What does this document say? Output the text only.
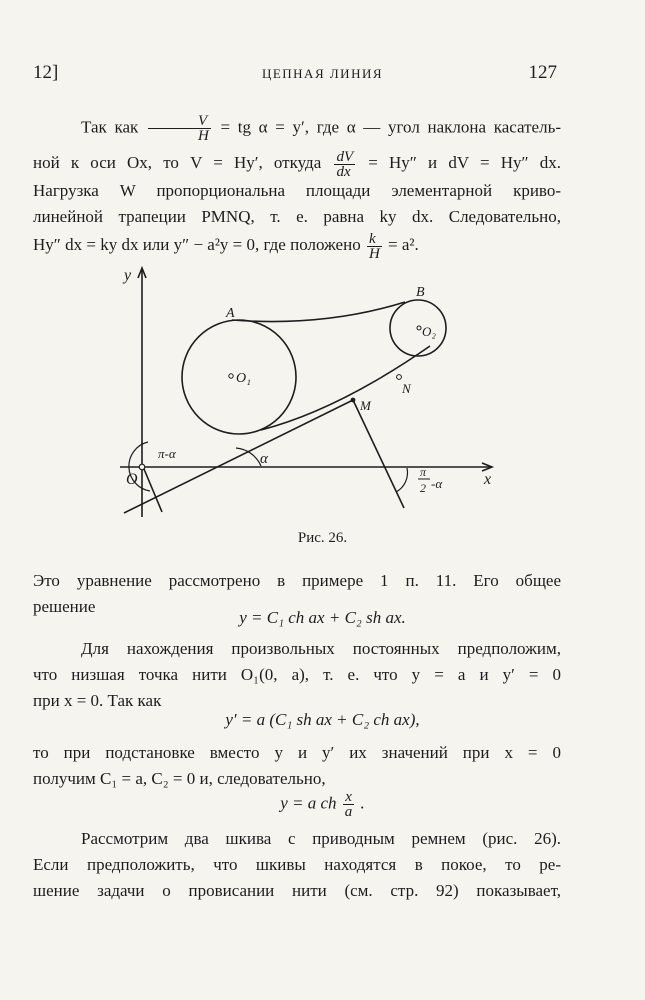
12]	ЦЕПНАЯ ЛИНИЯ	127
Так как $\frac{V}{H}$ = tg α = y′, где α — угол наклона касатель-
ной к оси Ox, то V = Hy′, откуда $\frac{dV}{dx} = Hy''$ и dV = Hy″ dx.
Нагрузка W пропорциональна площади элементарной криво-
линейной трапеции PMNQ, т. е. равна ky dx. Следовательно,
Hy″ dx = ky dx или y″ − a²y = 0, где положено $\frac{k}{H} = a^2$.
y
x
O
A
B
O₁
O₂
M
N
α
π-α
π
2 -α
Рис. 26.
Это уравнение рассмотрено в примере 1 п. 11. Его общее
решение
y = C₁ ch ax + C₂ sh ax.
Для нахождения произвольных постоянных предположим,
что низшая точка нити O₁(0, a), т. е. что y = a и y′ = 0
при x = 0. Так как
y′ = a (C₁ sh ax + C₂ ch ax),
то при подстановке вместо y и y′ их значений при x = 0
получим C₁ = a, C₂ = 0 и, следовательно,
y = a ch $\frac{x}{a}$ .
Рассмотрим два шкива с приводным ремнем (рис. 26).
Если предположить, что шкивы находятся в покое, то ре-
шение задачи о провисании нити (см. стр. 92) показывает,
